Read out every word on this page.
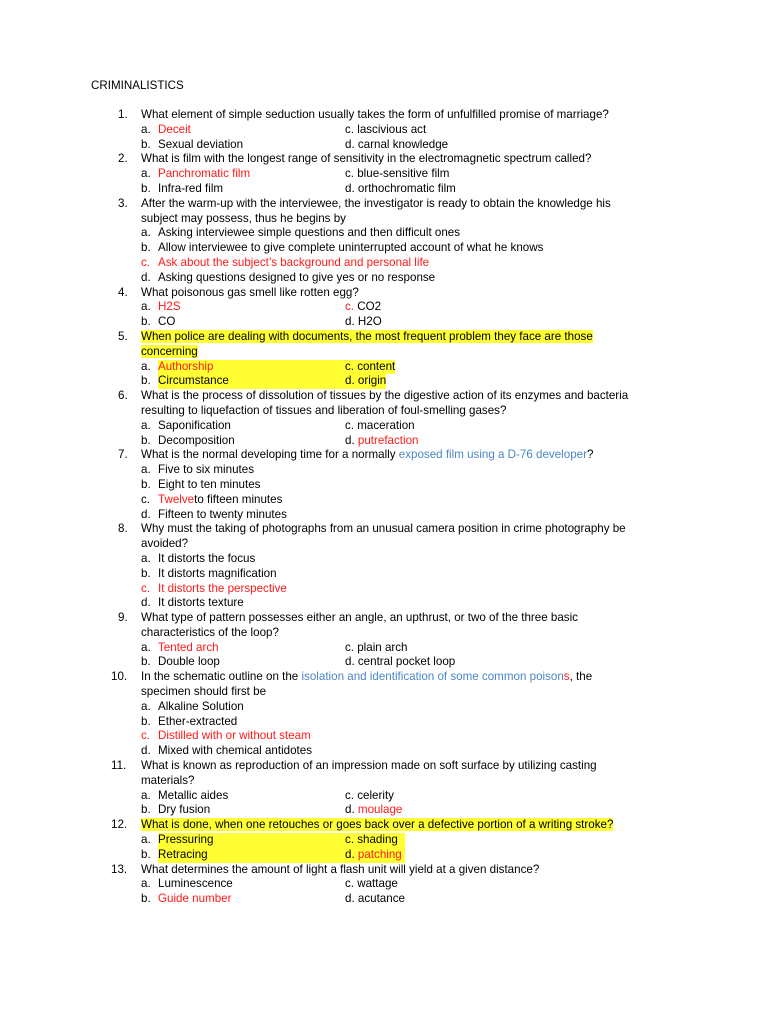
CRIMINALISTICS
1.	What element of simple seduction usually takes the form of unfulfilled promise of marriage?
a. Deceit	c. lascivious act
b. Sexual deviation	d. carnal knowledge
2.	What is film with the longest range of sensitivity in the electromagnetic spectrum called?
a. Panchromatic film	c. blue-sensitive film
b. Infra-red film	d. orthochromatic film
3.	After the warm-up with the interviewee, the investigator is ready to obtain the knowledge his
subject may possess, thus he begins by
a. Asking interviewee simple questions and then difficult ones
b. Allow interviewee to give complete uninterrupted account of what he knows
c. Ask about the subject’s background and personal life
d. Asking questions designed to give yes or no response
4.	What poisonous gas smell like rotten egg?
a. H2S	c. CO2
b. CO	d. H2O
5.	When police are dealing with documents, the most frequent problem they face are those
concerning
a. Authorship	c. content
b. Circumstance	d. origin
6.	What is the process of dissolution of tissues by the digestive action of its enzymes and bacteria
resulting to liquefaction of tissues and liberation of foul-smelling gases?
a. Saponification	c. maceration
b. Decomposition	d. putrefaction
7.	What is the normal developing time for a normally exposed film using a D-76 developer?
a. Five to six minutes
b. Eight to ten minutes
c. Twelve to fifteen minutes
d. Fifteen to twenty minutes
8.	Why must the taking of photographs from an unusual camera position in crime photography be
avoided?
a. It distorts the focus
b. It distorts magnification
c. It distorts the perspective
d. It distorts texture
9.	What type of pattern possesses either an angle, an upthrust, or two of the three basic
characteristics of the loop?
a. Tented arch	c. plain arch
b. Double loop	d. central pocket loop
10.	In the schematic outline on the isolation and identification of some common poisons, the
specimen should first be
a. Alkaline Solution
b. Ether-extracted
c. Distilled with or without steam
d. Mixed with chemical antidotes
11.	What is known as reproduction of an impression made on soft surface by utilizing casting
materials?
a. Metallic aides	c. celerity
b. Dry fusion	d. moulage
12.	What is done, when one retouches or goes back over a defective portion of a writing stroke?
a. Pressuring	c. shading
b. Retracing	d. patching
13.	What determines the amount of light a flash unit will yield at a given distance?
a. Luminescence	c. wattage
b. Guide number	d. acutance
